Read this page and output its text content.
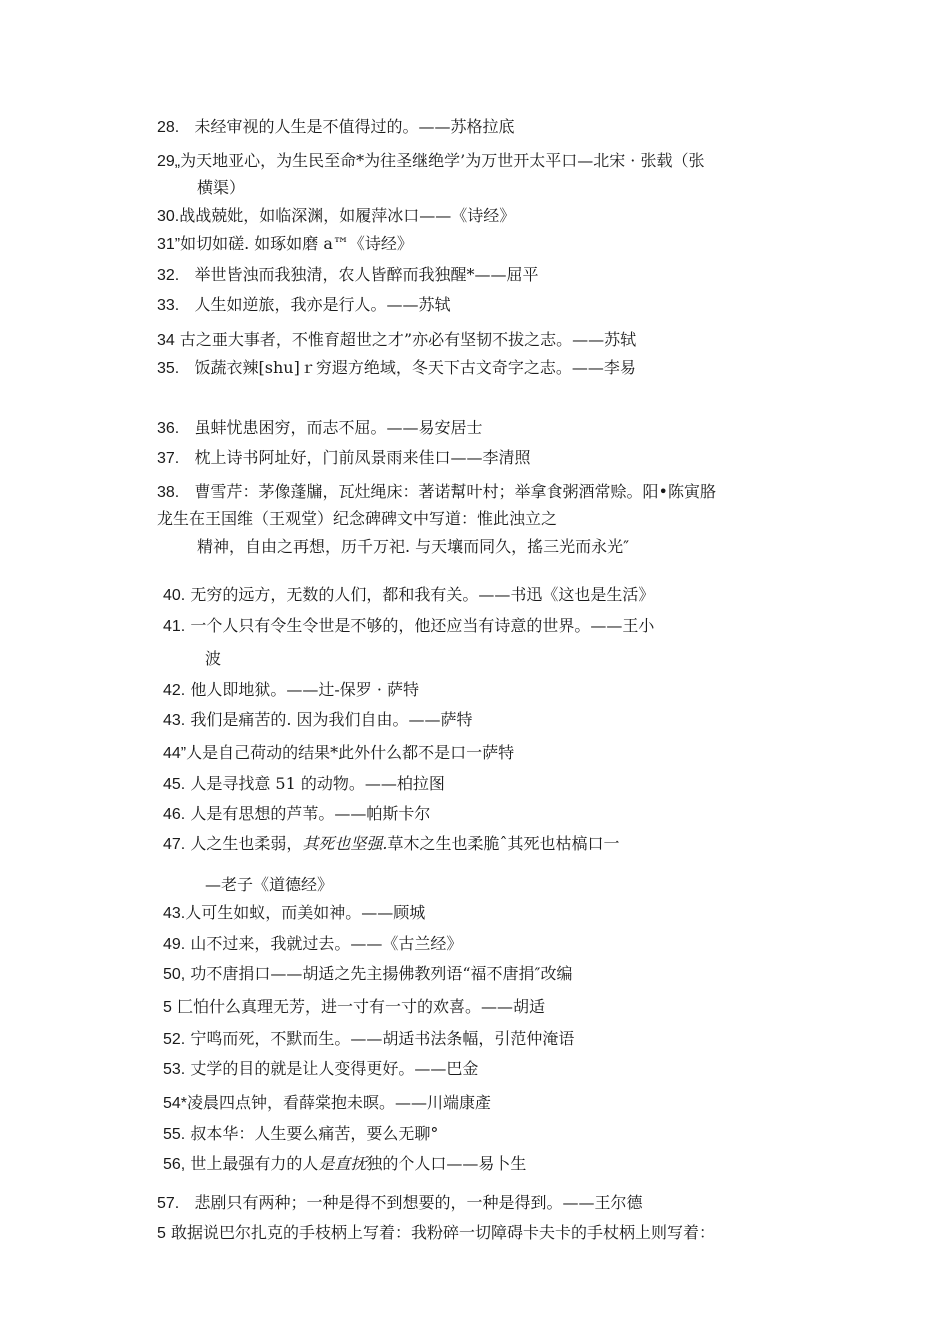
28. 未经审视的人生是不值得过的。——苏格拉底
29„为天地亚心，为生民至命*为往圣继绝学’为万世开太平口—北宋 · 张载（张
横渠）
30.战战兢妣，如临深渊，如履萍冰口——《诗经》
31”如切如磋. 如琢如磨 a™《诗经》
32. 举世皆浊而我独清，农人皆醉而我独醒*——屈平
33. 人生如逆旅，我亦是行人。——苏轼
34 古之亜大事者，不惟育超世之才”亦必有坚韧不拔之志。——苏轼
35. 饭蔬衣辣[shu]ｒ穷遐方绝域，冬天下古文奇字之志。——李易
36. 虽蚌忧患困穷，而志不屈。——易安居士
37. 枕上诗书阿址好，门前凤景雨来佳口——李清照
38. 曹雪芹：茅像蓬牖，瓦灶绳床：著诺幫叶村；举拿食粥酒常赊。阳•陈寅胳
龙生在王国维（王观堂）纪念碑碑文中写道：惟此浊立之
精神，自由之再想，历千万祀. 与天壤而同久，搖三光而永光″
40. 无穷的远方，无数的人们，都和我有关。——书迅《这也是生活》
41. 一个人只有令生令世是不够的，他还应当有诗意的世界。——王小
波
42. 他人即地狱。——辻-保罗 · 萨特
43. 我们是痛苦的. 因为我们自由。——萨特
44”人是自己荷动的结果*此外什么都不是口一萨特
45. 人是寻找意 51 的动物。——柏拉图
46. 人是有思想的芦苇。——帕斯卡尔
47. 人之生也柔弱，其死也坚强.草木之生也柔脆ˆ其死也枯槁口一
—老子《道德经》
43.人可生如蚁，而美如神。——顾城
49. 山不过来，我就过去。——《古兰经》
50, 功不唐捐口——胡适之先主揚佛教列语“福不唐捐″改编
5 匚怕什么真理无芳，进一寸有一寸的欢喜。——胡适
52. 宁鸣而死，不默而生。——胡适书法条幅，引范仲淹语
53. 丈学的目的就是让人变得更好。——巴金
54*凌晨四点钟，看薛棠抱未暝。——川端康產
55. 叔本华：人生要么痛苦，要么无聊°
56, 世上最强有力的人是直抚独的个人口——易卜生
57. 悲剧只有两种；一种是得不到想要的，一种是得到。——王尔德
5 敢据说巴尔扎克的手枝柄上写着：我粉碎一切障碍卡夫卡的手杖柄上则写着：
